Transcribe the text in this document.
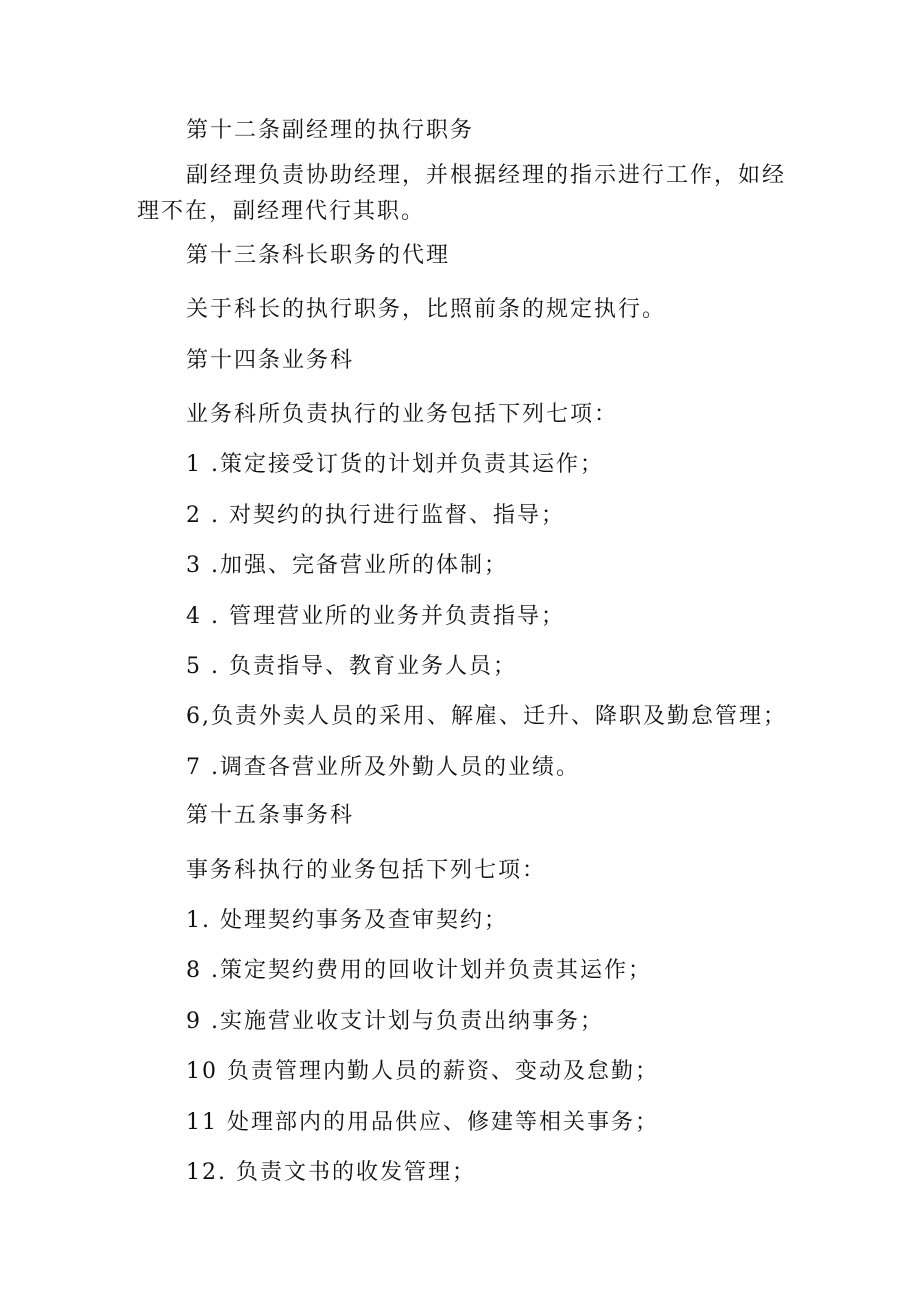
第十二条副经理的执行职务
副经理负责协助经理，并根据经理的指示进行工作，如经理不在，副经理代行其职。
第十三条科长职务的代理
关于科长的执行职务，比照前条的规定执行。
第十四条业务科
业务科所负责执行的业务包括下列七项：
1 .策定接受订货的计划并负责其运作；
2 . 对契约的执行进行监督、指导；
3 .加强、完备营业所的体制；
4 . 管理营业所的业务并负责指导；
5 . 负责指导、教育业务人员；
6,负责外卖人员的采用、解雇、迁升、降职及勤怠管理；
7 .调查各营业所及外勤人员的业绩。
第十五条事务科
事务科执行的业务包括下列七项：
1. 处理契约事务及查审契约；
8 .策定契约费用的回收计划并负责其运作；
9 .实施营业收支计划与负责出纳事务；
10 负责管理内勤人员的薪资、变动及怠勤；
11 处理部内的用品供应、修建等相关事务；
12. 负责文书的收发管理；
